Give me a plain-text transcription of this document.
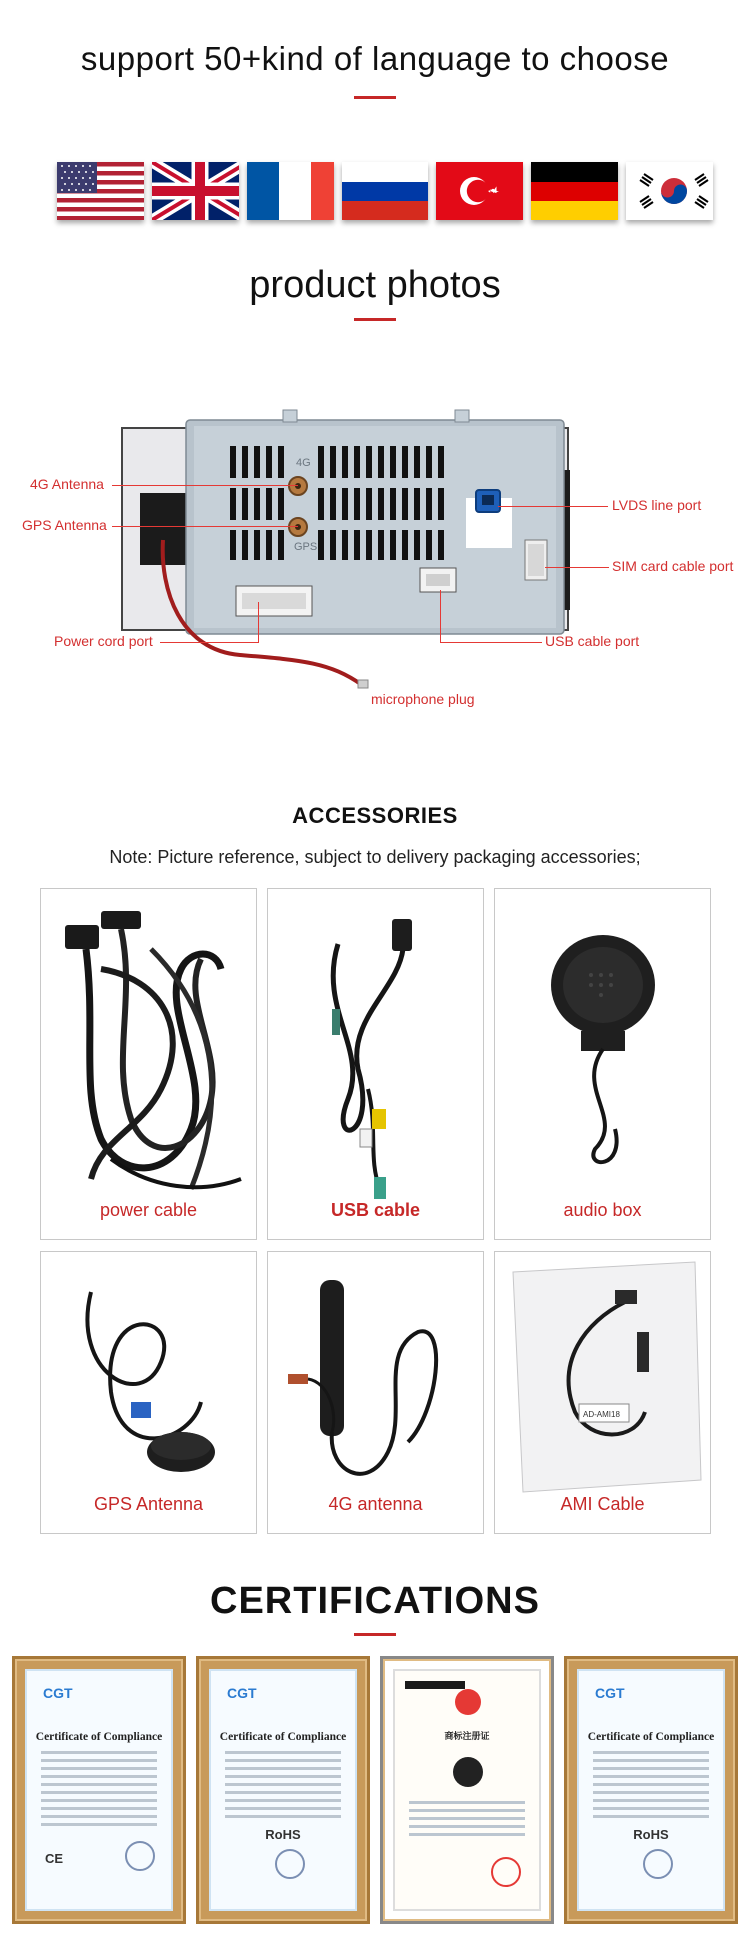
support 50+kind of language to choose
product photos
4G
GPS
4G Antenna
GPS Antenna
LVDS line port
SIM card cable port
Power cord port	USB cable port
microphone plug
ACCESSORIES
Note: Picture reference, subject to delivery packaging accessories;
power cable	USB cable	audio box
GPS Antenna	4G antenna
AD-AMI18
AMI Cable
CERTIFICATIONS
CGT
Certificate of Compliance
CE
CGT
Certificate of Compliance
RoHS
商标注册证
CGT
Certificate of Compliance
RoHS
